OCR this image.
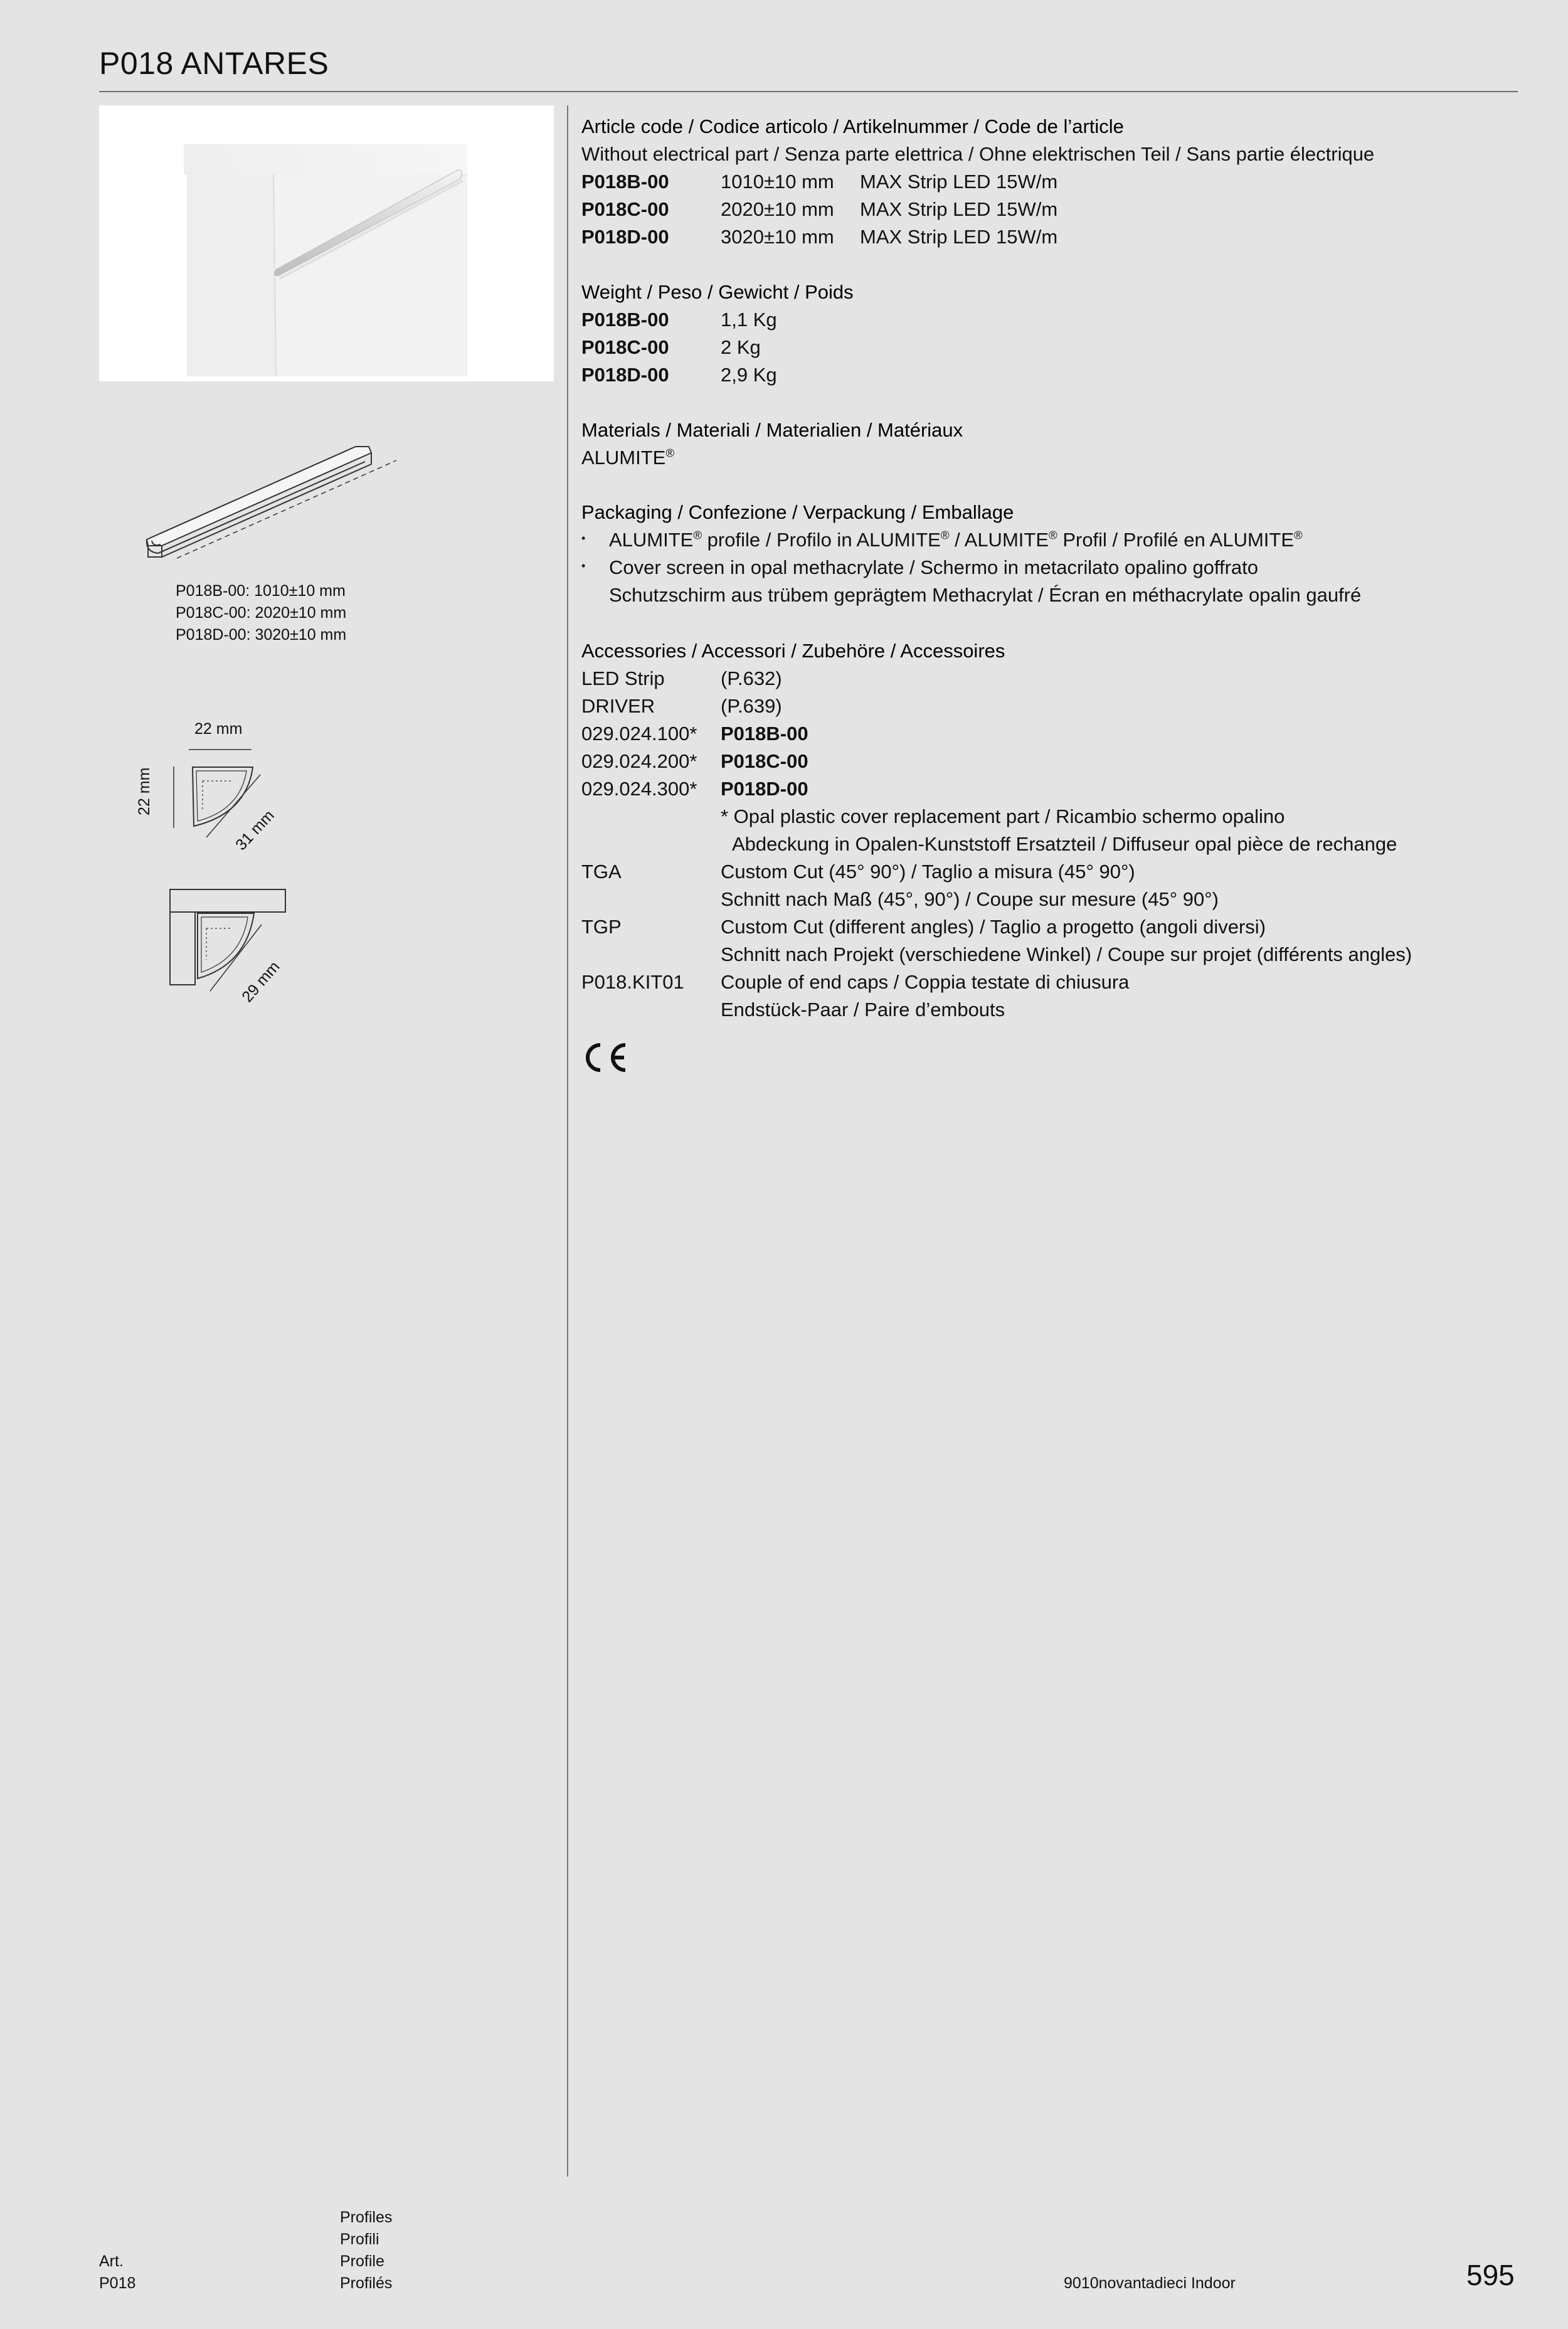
P018 ANTARES
P018B-00: 1010±10 mm
P018C-00: 2020±10 mm
P018D-00: 3020±10 mm
22 mm
22 mm
31 mm
29 mm
Article code / Codice articolo / Artikelnummer / Code de l’article
Without electrical part / Senza parte elettrica / Ohne elektrischen Teil / Sans partie électrique
P018B-00	1010±10 mm	MAX Strip LED 15W/m
P018C-00	2020±10 mm	MAX Strip LED 15W/m
P018D-00	3020±10 mm	MAX Strip LED 15W/m
Weight / Peso / Gewicht / Poids
P018B-00	1,1 Kg
P018C-00	2 Kg
P018D-00	2,9 Kg
Materials / Materiali / Materialien / Matériaux
ALUMITE®
Packaging / Confezione / Verpackung / Emballage
•	ALUMITE® profile / Profilo in ALUMITE® / ALUMITE® Profil / Profilé en ALUMITE®
•	Cover screen in opal methacrylate / Schermo in metacrilato opalino goffrato
Schutzschirm aus trübem geprägtem Methacrylat / Écran en méthacrylate opalin gaufré
Accessories / Accessori / Zubehöre / Accessoires
LED Strip	(P.632)
DRIVER	(P.639)
029.024.100*	P018B-00
029.024.200*	P018C-00
029.024.300*	P018D-00
* Opal plastic cover replacement part / Ricambio schermo opalino
Abdeckung in Opalen-Kunststoff Ersatzteil / Diffuseur opal pièce de rechange
TGA	Custom Cut (45° 90°) / Taglio a misura (45° 90°)
Schnitt nach Maß (45°, 90°) / Coupe sur mesure (45° 90°)
TGP	Custom Cut (different angles) / Taglio a progetto (angoli diversi)
Schnitt nach Projekt (verschiedene Winkel) / Coupe sur projet (différents angles)
P018.KIT01	Couple of end caps / Coppia testate di chiusura
Endstück-Paar / Paire d’embouts
Art.
P018
Profiles
Profili
Profile
Profilés	9010novantadieci Indoor	595
